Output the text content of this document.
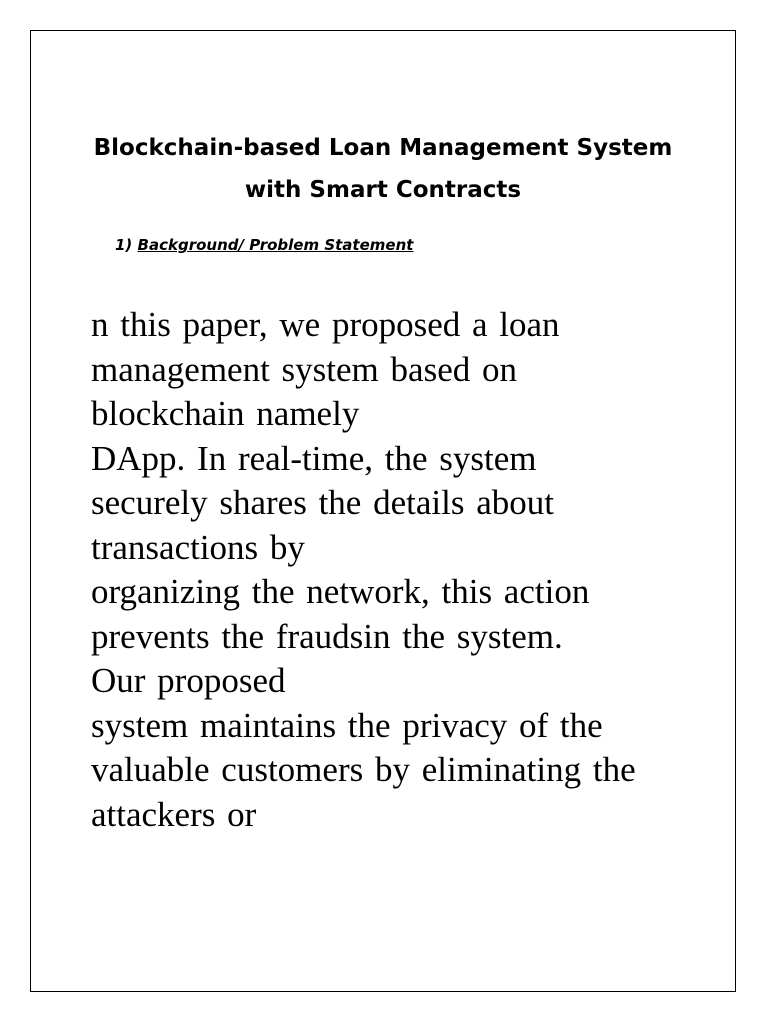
Blockchain-based Loan Management System
with Smart Contracts
1) Background/ Problem Statement

n this paper, we proposed a loan
management system based on
blockchain namely
DApp. In real-time, the system
securely shares the details about
transactions by
organizing the network, this action
prevents the fraudsin the system.
Our proposed
system maintains the privacy of the
valuable customers by eliminating the
attackers or
